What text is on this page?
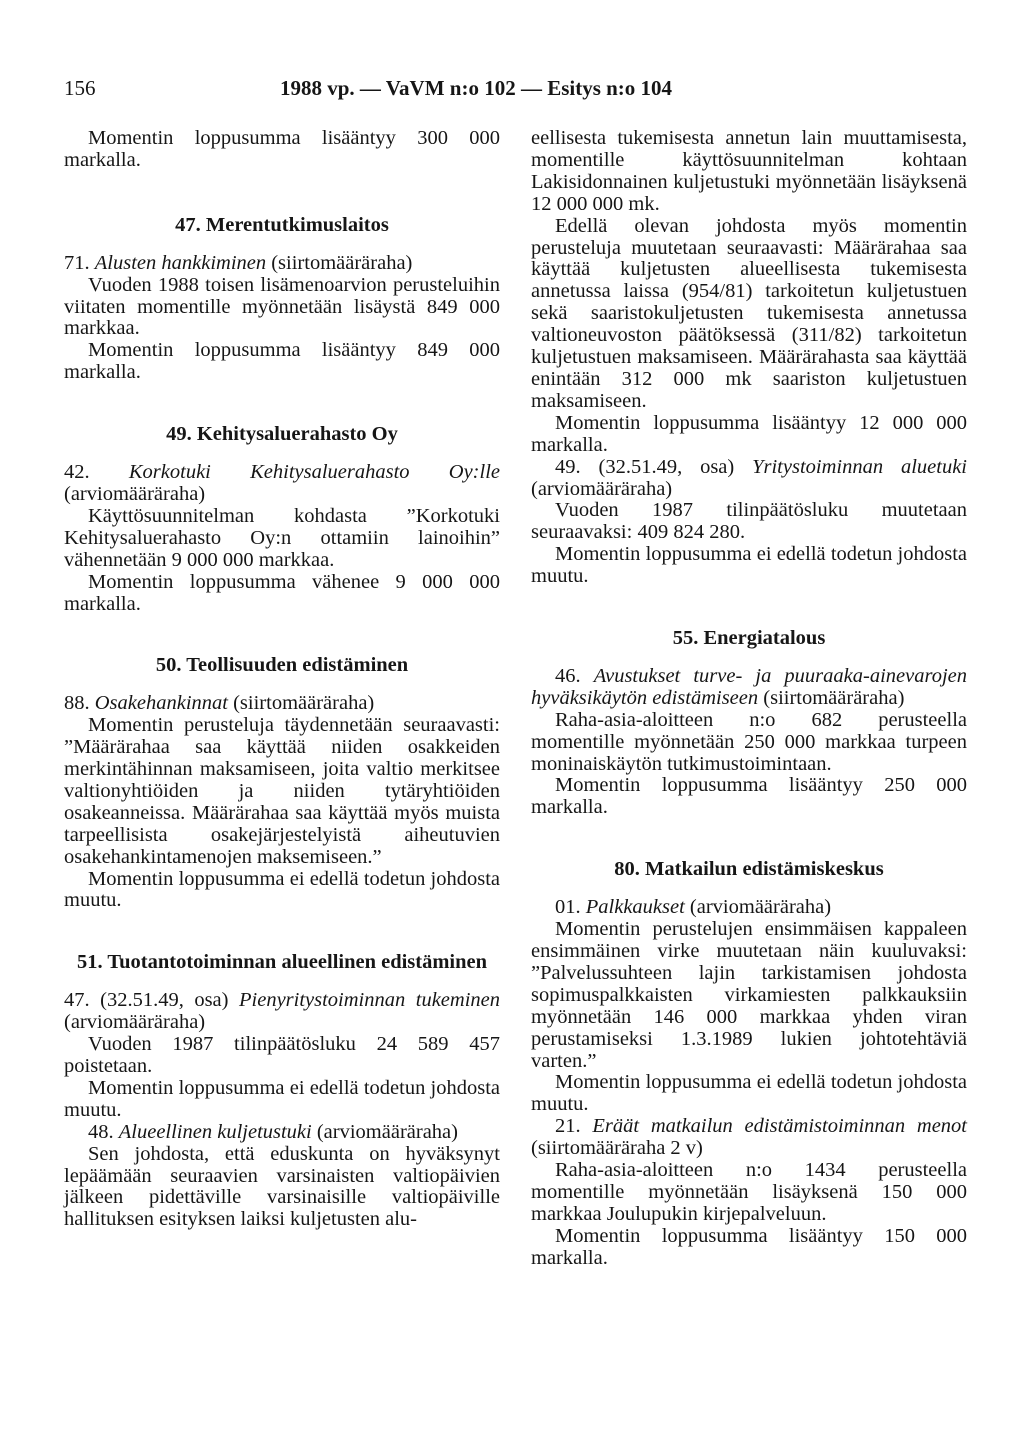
156	1988 vp. — VaVM n:o 102 — Esitys n:o 104

Momentin loppusumma lisääntyy 300 000 markalla.

47. Merentutkimuslaitos

71. Alusten hankkiminen (siirtomääräraha)

Vuoden 1988 toisen lisämenoarvion perusteluihin viitaten momentille myönnetään lisäystä 849 000 markkaa.

Momentin loppusumma lisääntyy 849 000 markalla.

49. Kehitysaluerahasto Oy

42. Korkotuki Kehitysaluerahasto Oy:lle (arviomääräraha)

Käyttösuunnitelman kohdasta ”Korkotuki Kehitysaluerahasto Oy:n ottamiin lainoihin” vähennetään 9 000 000 markkaa.

Momentin loppusumma vähenee 9 000 000 markalla.

50. Teollisuuden edistäminen

88. Osakehankinnat (siirtomääräraha)

Momentin perusteluja täydennetään seuraavasti: ”Määrärahaa saa käyttää niiden osakkeiden merkintähinnan maksamiseen, joita valtio merkitsee valtionyhtiöiden ja niiden tytäryhtiöiden osakeanneissa. Määrärahaa saa käyttää myös muista tarpeellisista osakejärjestelyistä aiheutuvien osakehankintamenojen maksemiseen.”

Momentin loppusumma ei edellä todetun johdosta muutu.

51. Tuotantotoiminnan alueellinen edistäminen

47. (32.51.49, osa) Pienyritystoiminnan tukeminen (arviomääräraha)

Vuoden 1987 tilinpäätösluku 24 589 457 poistetaan.

Momentin loppusumma ei edellä todetun johdosta muutu.

48. Alueellinen kuljetustuki (arviomääräraha)

Sen johdosta, että eduskunta on hyväksynyt lepäämään seuraavien varsinaisten valtiopäivien jälkeen pidettäville varsinaisille valtiopäiville hallituksen esityksen laiksi kuljetusten alu-

eellisesta tukemisesta annetun lain muuttamisesta, momentille käyttösuunnitelman kohtaan Lakisidonnainen kuljetustuki myönnetään lisäyksenä 12 000 000 mk.

Edellä olevan johdosta myös momentin perusteluja muutetaan seuraavasti: Määrärahaa saa käyttää kuljetusten alueellisesta tukemisesta annetussa laissa (954/81) tarkoitetun kuljetustuen sekä saaristokuljetusten tukemisesta annetussa valtioneuvoston päätöksessä (311/82) tarkoitetun kuljetustuen maksamiseen. Määrärahasta saa käyttää enintään 312 000 mk saariston kuljetustuen maksamiseen.

Momentin loppusumma lisääntyy 12 000 000 markalla.

49. (32.51.49, osa) Yritystoiminnan aluetuki (arviomääräraha)

Vuoden 1987 tilinpäätösluku muutetaan seuraavaksi: 409 824 280.

Momentin loppusumma ei edellä todetun johdosta muutu.

55. Energiatalous

46. Avustukset turve- ja puuraaka-ainevarojen hyväksikäytön edistämiseen (siirtomääräraha)

Raha-asia-aloitteen n:o 682 perusteella momentille myönnetään 250 000 markkaa turpeen moninaiskäytön tutkimustoimintaan.

Momentin loppusumma lisääntyy 250 000 markalla.

80. Matkailun edistämiskeskus

01. Palkkaukset (arviomääräraha)

Momentin perustelujen ensimmäisen kappaleen ensimmäinen virke muutetaan näin kuuluvaksi: ”Palvelussuhteen lajin tarkistamisen johdosta sopimuspalkkaisten virkamiesten palkkauksiin myönnetään 146 000 markkaa yhden viran perustamiseksi 1.3.1989 lukien johtotehtäviä varten.”

Momentin loppusumma ei edellä todetun johdosta muutu.

21. Eräät matkailun edistämistoiminnan menot (siirtomääräraha 2 v)

Raha-asia-aloitteen n:o 1434 perusteella momentille myönnetään lisäyksenä 150 000 markkaa Joulupukin kirjepalveluun.

Momentin loppusumma lisääntyy 150 000 markalla.
